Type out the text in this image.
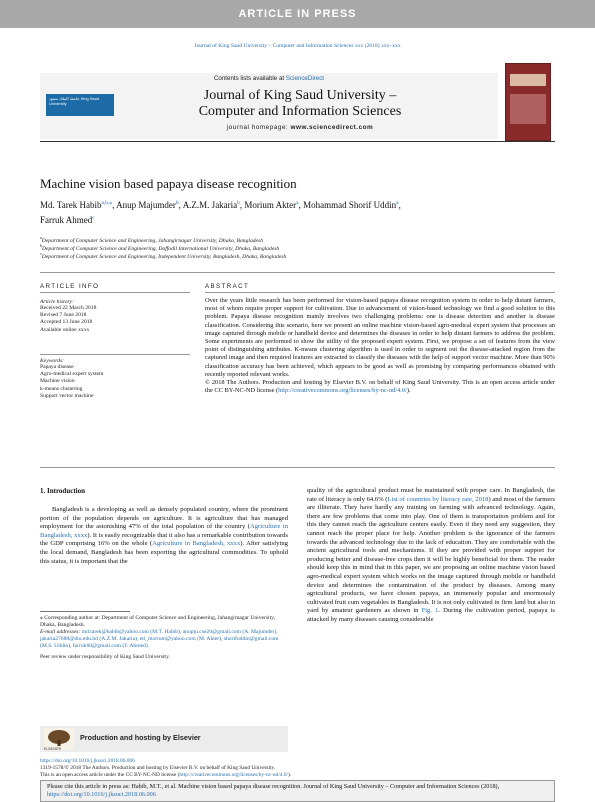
ARTICLE IN PRESS
Journal of King Saud University – Computer and Information Sciences xxx (2018) xxx–xxx
Contents lists available at ScienceDirect
جامعة الملك سعود King Saud University
Journal of King Saud University –
Computer and Information Sciences
journal homepage: www.sciencedirect.com
Machine vision based papaya disease recognition
Md. Tarek Habib$^{a,b,⁎}$, Anup Majumder$^b$, A.Z.M. Jakaria$^b$, Morium Akter$^a$, Mohammad Shorif Uddin$^a$,
Farruk Ahmed$^c$
$^a$Department of Computer Science and Engineering, Jahangirnagar University, Dhaka, Bangladesh
$^b$Department of Computer Science and Engineering, Daffodil International University, Dhaka, Bangladesh
$^c$Department of Computer Science and Engineering, Independent University, Bangladesh, Dhaka, Bangladesh
ARTICLE INFO
Article history:
Received 22 March 2018
Revised 7 June 2018
Accepted 13 June 2018
Available online xxxx
Keywords:
Papaya disease
Agro-medical expert system
Machine vision
k-means clustering
Support vector machine
ABSTRACT
Over the years little research has been performed for vision-based papaya disease recognition system in order to help distant farmers, most of whom require proper support for cultivation. Due to advancement of vision-based technology we find a good solution to this problem. Papaya disease recognition mainly involves two challenging problems: one is disease detection and another is disease classification. Considering this scenario, here we present an online machine vision-based agro-medical expert system that processes an image captured through mobile or handheld device and determines the diseases in order to help distant farmers to address the problem. Some experiments are performed to show the utility of the proposed expert system. First, we propose a set of features from the view point of distinguishing attributes. K-means clustering algorithm is used in order to segment out the disease-attacked region from the captured image and then required features are extracted to classify the diseases with the help of support vector machine. More than 90% classification accuracy has been achieved, which appears to be good as well as promising by comparing performances obtained with recently reported relevant works.
© 2018 The Authors. Production and hosting by Elsevier B.V. on behalf of King Saud University. This is an open access article under the CC BY-NC-ND license (http://creativecommons.org/licenses/by-nc-nd/4.0/).
1. Introduction
Bangladesh is a developing as well as densely populated country, where the prominent portion of the population depends on agriculture. It is agriculture that has managed employment for the astonishing 47% of the total population of the country (Agriculture in Bangladesh, xxxx). It is easily recognizable that it also has a remarkable contribution towards the GDP comprising 16% on the whole (Agriculture in Bangladesh, xxxx). After satisfying the local demand, Bangladesh has been exporting the agricultural commodities. To uphold this status, it is important that the
⁎ Corresponding author at: Department of Computer Science and Engineering, Jahangirnagar University, Dhaka, Bangladesh.
E-mail addresses: md.tarek@habib@yahoo.com (M.T. Habib), anupju.cse20@gmail.com (A. Majumder), jakaria27688@diu.edu.bd (A.Z.M. Jakaria), eti_morium@yahoo.com (M. Akter), shorifuddin@gmail.com (M.S. Uddin), farruk60@gmail.com (F. Ahmed).
Peer review under responsibility of King Saud University.
ELSEVIER
Production and hosting by Elsevier
quality of the agricultural product must be maintained with proper care. In Bangladesh, the rate of literacy is only 64.6% (List of countries by literacy rate, 2018) and most of the farmers are illiterate. They have hardly any training on farming with advanced technology. Again, there are few problems that come into play. One of them is transportation problem and for this they cannot reach the agriculture centers easily. Even if they need any suggestion, they cannot reach the proper place for help. Another problem is the ignorance of the farmers towards the advanced technology due to the lack of education. They are comfortable with the ancient agricultural tools and mechanisms. If they are provided with proper support for producing better and disease-free crops then it will be highly beneficial for them. The reader should keep this in mind that in this paper, we are proposing an online machine vision based agro-medical expert system which works on the image captured through mobile or handheld device and determines the contamination of the product by diseases. Among many agricultural products, we have chosen papaya, an immensely popular and enormously cultivated fruit cum vegetables in Bangladesh. It is not only cultivated in firm land but also in yard by amateur gardeners as shown in Fig. 1. During the cultivation period, papaya is attacked by many diseases causing considerable
https://doi.org/10.1016/j.jksuci.2018.06.006
1319-1578/© 2018 The Authors. Production and hosting by Elsevier B.V. on behalf of King Saud University.
This is an open access article under the CC BY-NC-ND license (http://creativecommons.org/licenses/by-nc-nd/4.0/).
Please cite this article in press as: Habib, M.T., et al. Machine vision based papaya disease recognition. Journal of King Saud University – Computer and Information Sciences (2018), https://doi.org/10.1016/j.jksuci.2018.06.006
